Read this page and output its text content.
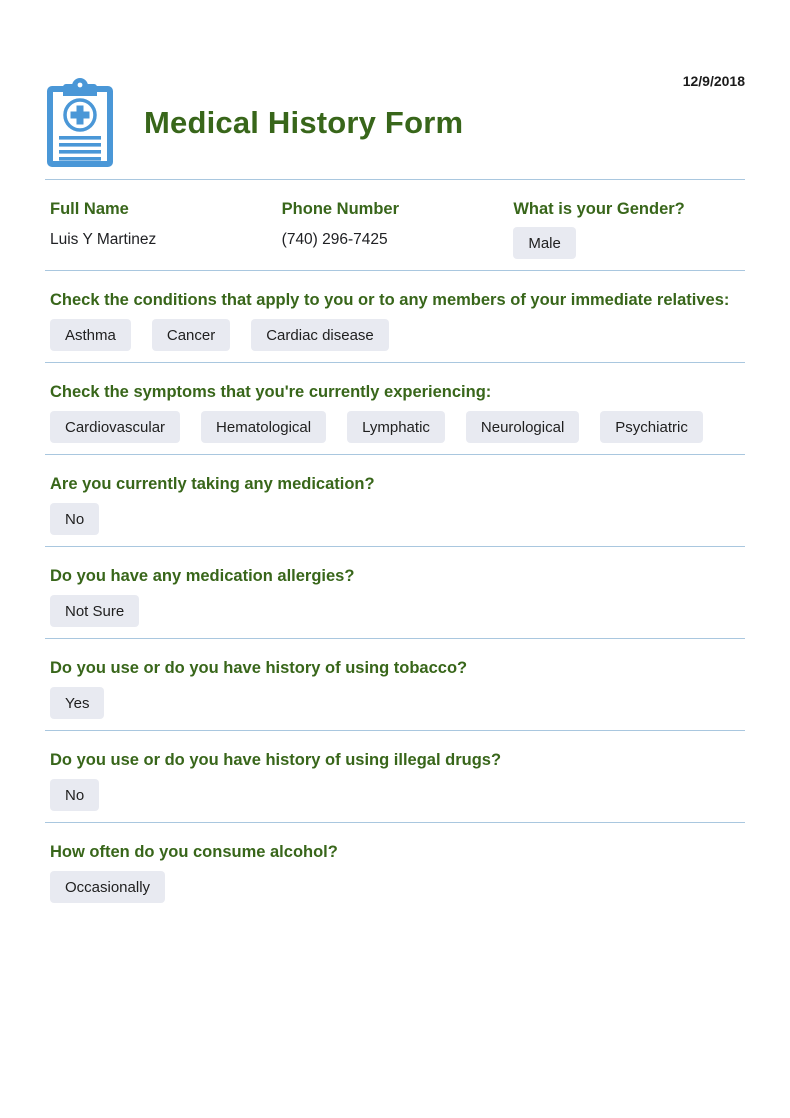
12/9/2018
Medical History Form
Full Name
Luis Y Martinez
Phone Number
(740) 296-7425
What is your Gender?
Male
Check the conditions that apply to you or to any members of your immediate relatives:
Asthma	Cancer	Cardiac disease
Check the symptoms that you're currently experiencing:
Cardiovascular	Hematological	Lymphatic	Neurological	Psychiatric
Are you currently taking any medication?
No
Do you have any medication allergies?
Not Sure
Do you use or do you have history of using tobacco?
Yes
Do you use or do you have history of using illegal drugs?
No
How often do you consume alcohol?
Occasionally
